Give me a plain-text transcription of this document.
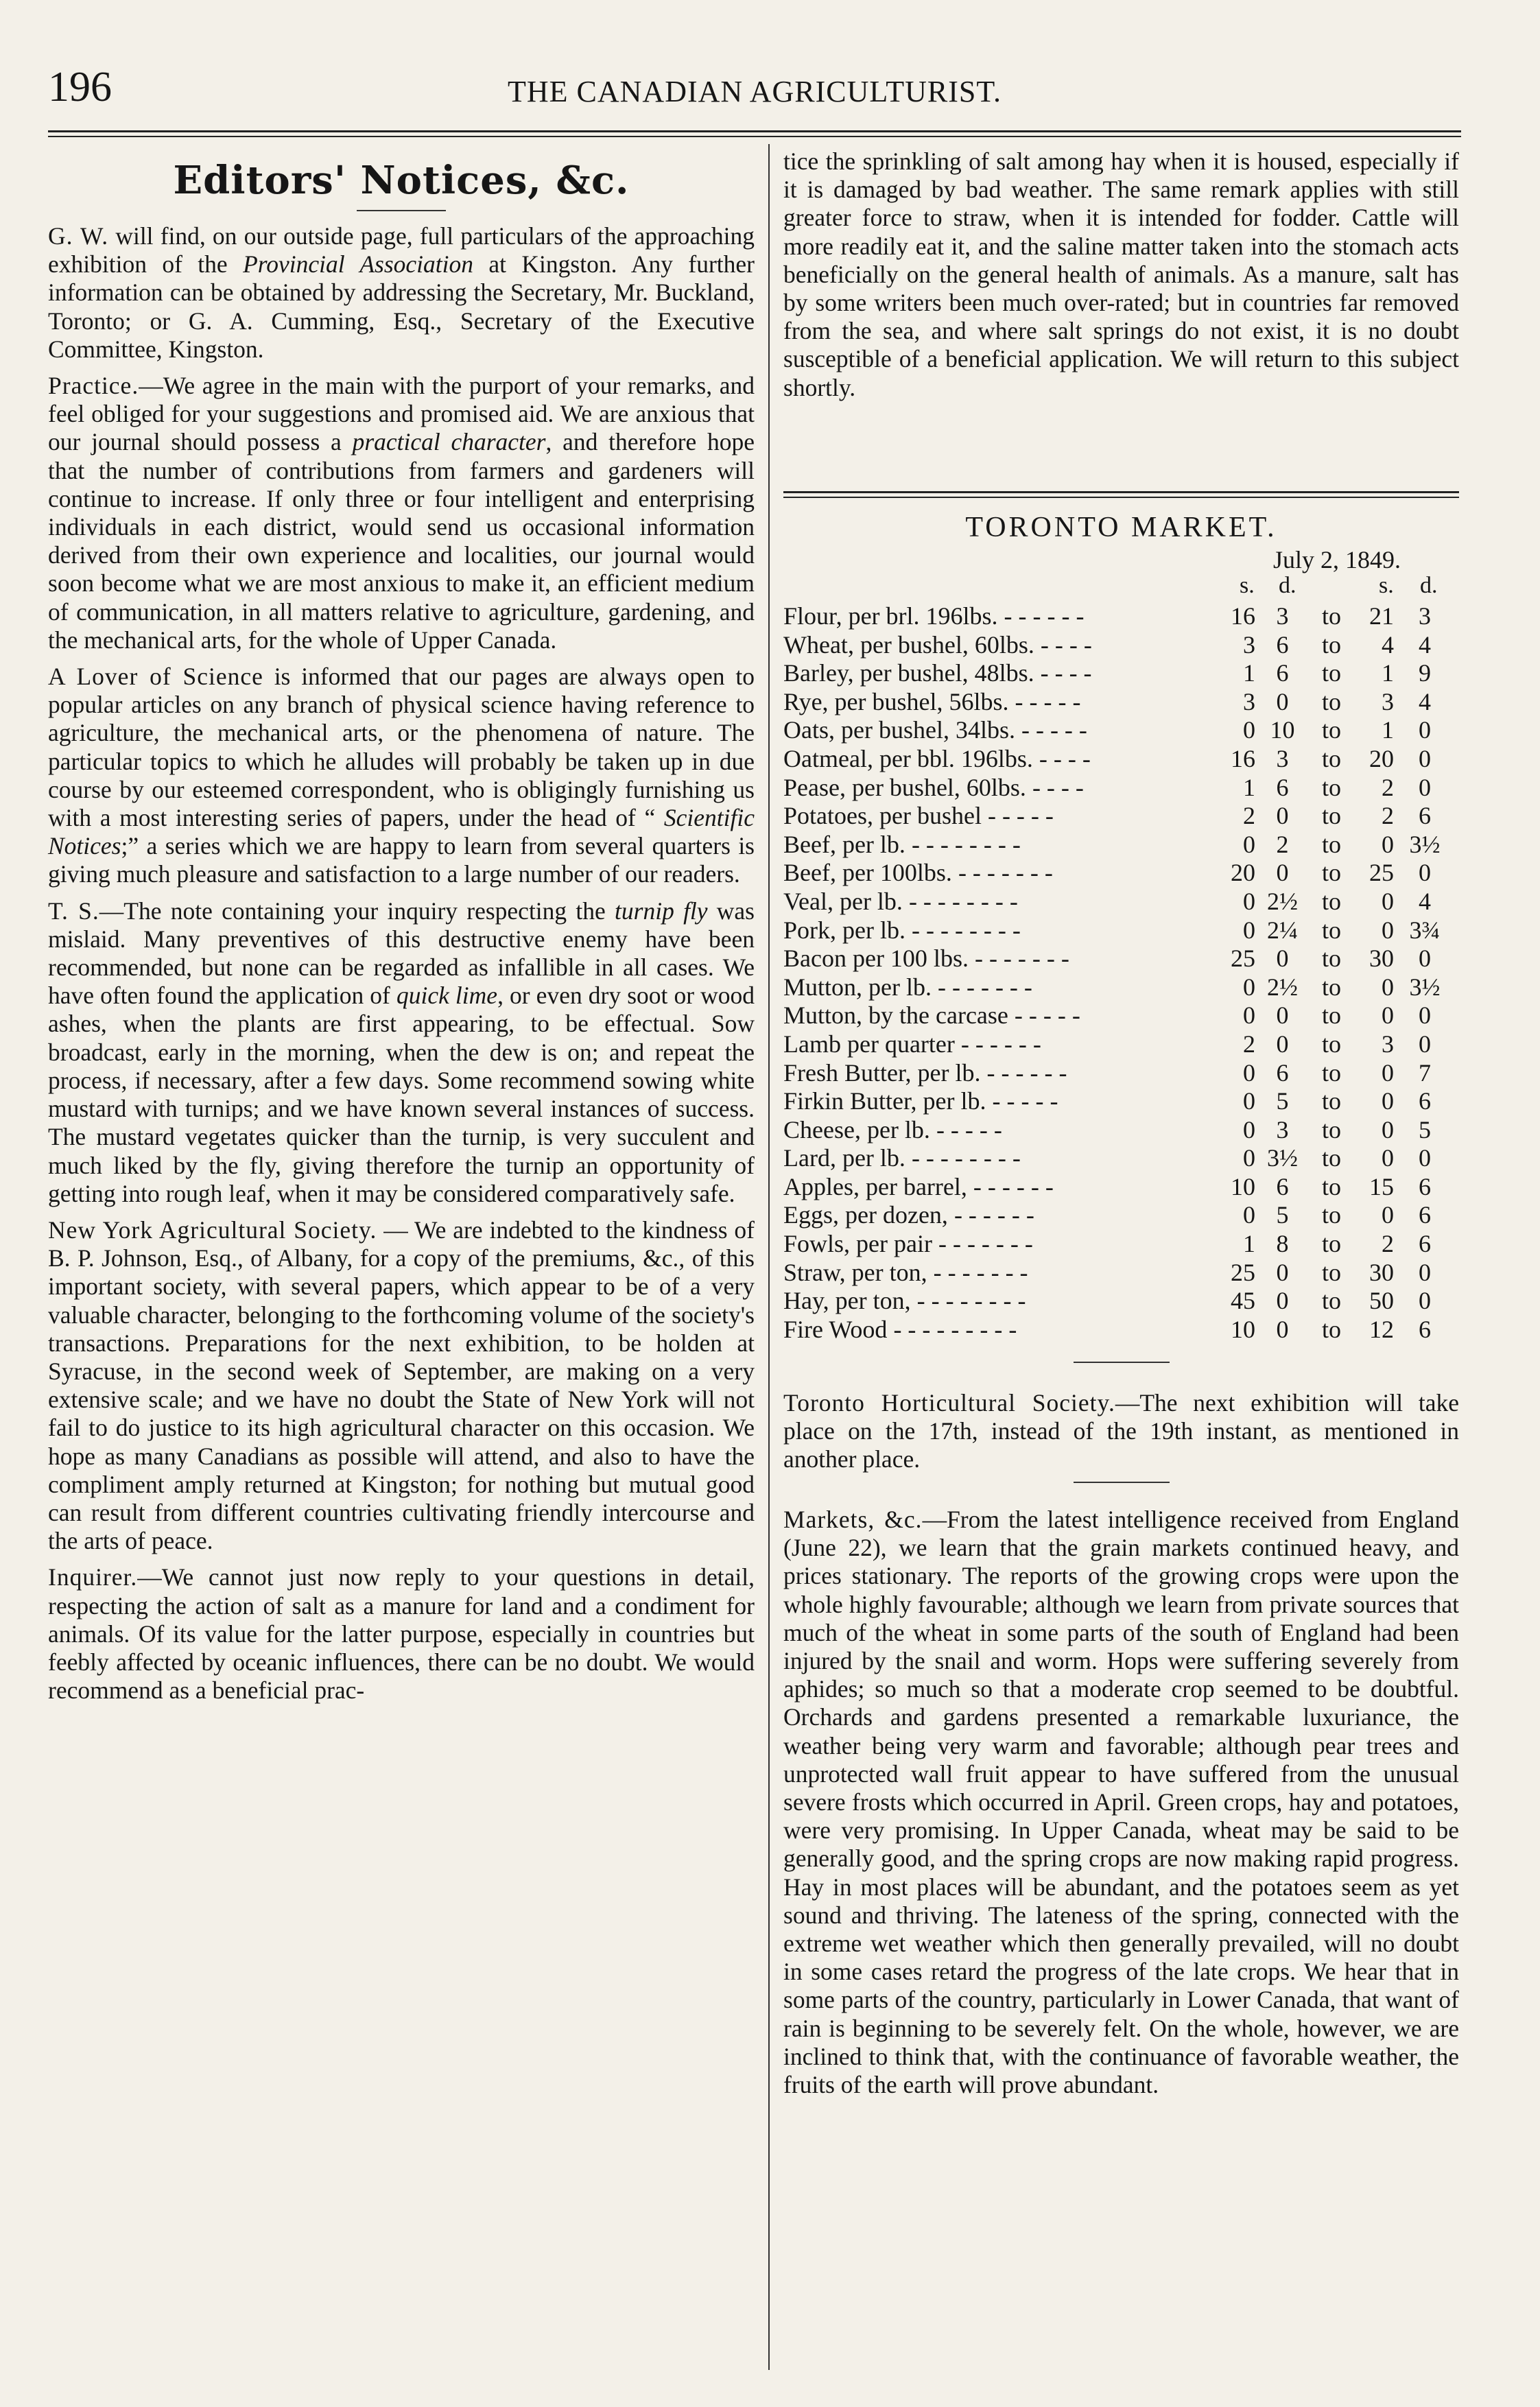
196	THE CANADIAN AGRICULTURIST.
Editors' Notices, &c.

G. W. will find, on our outside page, full particulars of the approaching exhibition of the Provincial Association at Kingston. Any further information can be obtained by addressing the Secretary, Mr. Buckland, Toronto; or G. A. Cumming, Esq., Secretary of the Executive Committee, Kingston.

Practice.—We agree in the main with the purport of your remarks, and feel obliged for your suggestions and promised aid. We are anxious that our journal should possess a practical character, and therefore hope that the number of contributions from farmers and gardeners will continue to increase. If only three or four intelligent and enterprising individuals in each district, would send us occasional information derived from their own experience and localities, our journal would soon become what we are most anxious to make it, an efficient medium of communication, in all matters relative to agriculture, gardening, and the mechanical arts, for the whole of Upper Canada.

A Lover of Science is informed that our pages are always open to popular articles on any branch of physical science having reference to agriculture, the mechanical arts, or the phenomena of nature. The particular topics to which he alludes will probably be taken up in due course by our esteemed correspondent, who is obligingly furnishing us with a most interesting series of papers, under the head of “ Scientific Notices;” a series which we are happy to learn from several quarters is giving much pleasure and satisfaction to a large number of our readers.

T. S.—The note containing your inquiry respecting the turnip fly was mislaid. Many preventives of this destructive enemy have been recommended, but none can be regarded as infallible in all cases. We have often found the application of quick lime, or even dry soot or wood ashes, when the plants are first appearing, to be effectual. Sow broadcast, early in the morning, when the dew is on; and repeat the process, if necessary, after a few days. Some recommend sowing white mustard with turnips; and we have known several instances of success. The mustard vegetates quicker than the turnip, is very succulent and much liked by the fly, giving therefore the turnip an opportunity of getting into rough leaf, when it may be considered comparatively safe.

New York Agricultural Society. — We are indebted to the kindness of B. P. Johnson, Esq., of Albany, for a copy of the premiums, &c., of this important society, with several papers, which appear to be of a very valuable character, belonging to the forthcoming volume of the society's transactions. Preparations for the next exhibition, to be holden at Syracuse, in the second week of September, are making on a very extensive scale; and we have no doubt the State of New York will not fail to do justice to its high agricultural character on this occasion. We hope as many Canadians as possible will attend, and also to have the compliment amply returned at Kingston; for nothing but mutual good can result from different countries cultivating friendly intercourse and the arts of peace.

Inquirer.—We cannot just now reply to your questions in detail, respecting the action of salt as a manure for land and a condiment for animals. Of its value for the latter purpose, especially in countries but feebly affected by oceanic influences, there can be no doubt. We would recommend as a beneficial prac-

tice the sprinkling of salt among hay when it is housed, especially if it is damaged by bad weather. The same remark applies with still greater force to straw, when it is intended for fodder. Cattle will more readily eat it, and the saline matter taken into the stomach acts beneficially on the general health of animals. As a manure, salt has by some writers been much over-rated; but in countries far removed from the sea, and where salt springs do not exist, it is no doubt susceptible of a beneficial application. We will return to this subject shortly.

TORONTO MARKET.
July 2, 1849.
s. d.	s. d.
Flour, per brl. 196lbs. - - - - - -	16 3	to	21	3
Wheat, per bushel, 60lbs. - - - -	3 6	to	4	4
Barley, per bushel, 48lbs. - - - -	1 6	to	1	9
Rye, per bushel, 56lbs. - - - - -	3 0	to	3	4
Oats, per bushel, 34lbs. - - - - -	0 10 to	1	0
Oatmeal, per bbl. 196lbs. - - - -	16 3	to	20	0
Pease, per bushel, 60lbs. - - - -	1 6	to	2	0
Potatoes, per bushel - - - - -	2 0	to	2	6
Beef, per lb. - - - - - - - -	0 2	to	0 3½
Beef, per 100lbs. - - - - - - -	20 0	to	25	0
Veal, per lb. - - - - - - - -	0 2½ to	0	4
Pork, per lb. - - - - - - - -	0 2¼ to	0 3¾
Bacon per 100 lbs. - - - - - - -	25 0	to	30	0
Mutton, per lb. - - - - - - -	0 2½ to	0 3½
Mutton, by the carcase - - - - -	0 0	to	0	0
Lamb per quarter - - - - - -	2 0	to	3	0
Fresh Butter, per lb. - - - - - -	0 6	to	0	7
Firkin Butter, per lb. - - - - -	0 5	to	0	6
Cheese, per lb. - - - - -	0 3	to	0	5
Lard, per lb. - - - - - - - -	0 3½ to	0	0
Apples, per barrel, - - - - - -	10 6	to	15	6
Eggs, per dozen, - - - - - -	0 5	to	0	6
Fowls, per pair - - - - - - -	1 8	to	2	6
Straw, per ton, - - - - - - -	25 0	to	30	0
Hay, per ton, - - - - - - - -	45 0	to	50	0
Fire Wood - - - - - - - - -	10 0	to	12	6

Toronto Horticultural Society.—The next exhibition will take place on the 17th, instead of the 19th instant, as mentioned in another place.

Markets, &c.—From the latest intelligence received from England (June 22), we learn that the grain markets continued heavy, and prices stationary. The reports of the growing crops were upon the whole highly favourable; although we learn from private sources that much of the wheat in some parts of the south of England had been injured by the snail and worm. Hops were suffering severely from aphides; so much so that a moderate crop seemed to be doubtful. Orchards and gardens presented a remarkable luxuriance, the weather being very warm and favorable; although pear trees and unprotected wall fruit appear to have suffered from the unusual severe frosts which occurred in April. Green crops, hay and potatoes, were very promising. In Upper Canada, wheat may be said to be generally good, and the spring crops are now making rapid progress. Hay in most places will be abundant, and the potatoes seem as yet sound and thriving. The lateness of the spring, connected with the extreme wet weather which then generally prevailed, will no doubt in some cases retard the progress of the late crops. We hear that in some parts of the country, particularly in Lower Canada, that want of rain is beginning to be severely felt. On the whole, however, we are inclined to think that, with the continuance of favorable weather, the fruits of the earth will prove abundant.
